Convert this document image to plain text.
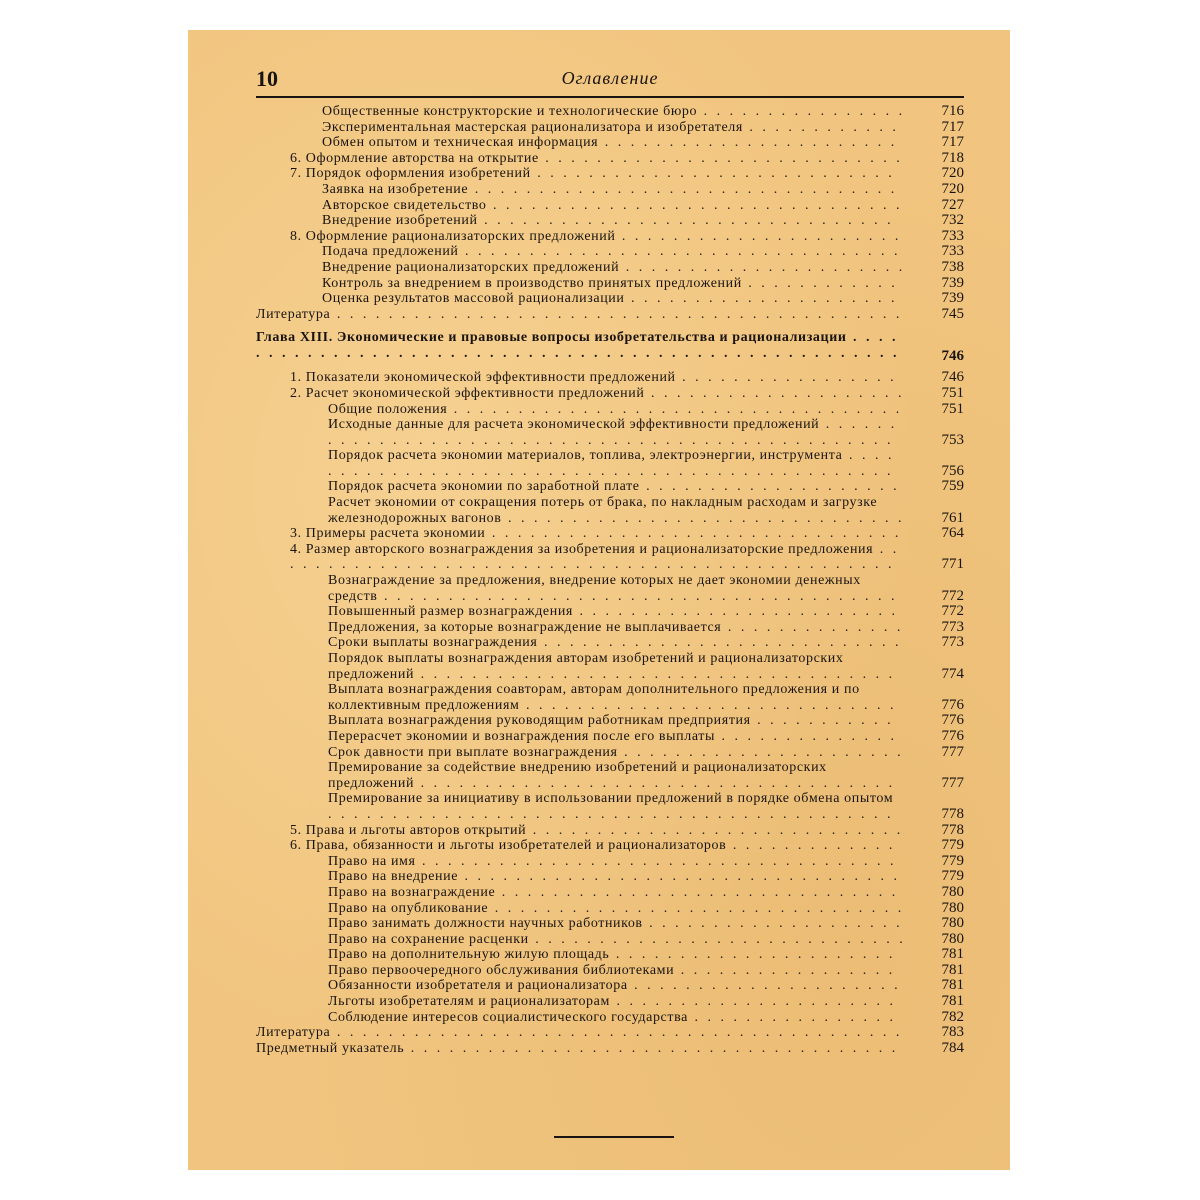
10	Оглавление
Общественные конструкторские и технологические бюро . . .	716
Экспериментальная мастерская рационализатора и изобретателя . . .	717
Обмен опытом и техническая информация . . .	717
6. Оформление авторства на открытие . . .	718
7. Порядок оформления изобретений . . .	720
Заявка на изобретение . . .	720
Авторское свидетельство . . .	727
Внедрение изобретений . . .	732
8. Оформление рационализаторских предложений . . .	733
Подача предложений . . .	733
Внедрение рационализаторских предложений . . .	738
Контроль за внедрением в производство принятых предложений . . .	739
Оценка результатов массовой рационализации . . .	739
Литература . . .	745
Глава XIII. Экономические и правовые вопросы изобретательства и рационализации . . .
746
1. Показатели экономической эффективности предложений . . .	746
2. Расчет экономической эффективности предложений . . .	751
Общие положения . . .	751
Исходные данные для расчета экономической эффективности предложений . . .
753
Порядок расчета экономии материалов, топлива, электроэнергии, инструмента . . .
756
Порядок расчета экономии по заработной плате . . .	759
Расчет экономии от сокращения потерь от брака, по накладным расходам и загрузке железнодорожных вагонов . . .	761
3. Примеры расчета экономии . . .	764
4. Размер авторского вознаграждения за изобретения и рационализаторские предложения . . .
771
Вознаграждение за предложения, внедрение которых не дает экономии денежных средств . . .	772
Повышенный размер вознаграждения . . .	772
Предложения, за которые вознаграждение не выплачивается . . .	773
Сроки выплаты вознаграждения . . .	773
Порядок выплаты вознаграждения авторам изобретений и рационализаторских предложений . . .	774
Выплата вознаграждения соавторам, авторам дополнительного предложения и по коллективным предложениям . . .	776
Выплата вознаграждения руководящим работникам предприятия . . .	776
Перерасчет экономии и вознаграждения после его выплаты . . .	776
Срок давности при выплате вознаграждения . . .	777
Премирование за содействие внедрению изобретений и рационализаторских предложений . . .	777
Премирование за инициативу в использовании предложений в порядке обмена опытом . . .
778
5. Права и льготы авторов открытий . . .	778
6. Права, обязанности и льготы изобретателей и рационализаторов . . .	779
Право на имя . . .	779
Право на внедрение . . .	779
Право на вознаграждение . . .	780
Право на опубликование . . .	780
Право занимать должности научных работников . . .	780
Право на сохранение расценки . . .	780
Право на дополнительную жилую площадь . . .	781
Право первоочередного обслуживания библиотеками . . .	781
Обязанности изобретателя и рационализатора . . .	781
Льготы изобретателям и рационализаторам . . .	781
Соблюдение интересов социалистического государства . . .	782
Литература . . .	783
Предметный указатель . . .	784
